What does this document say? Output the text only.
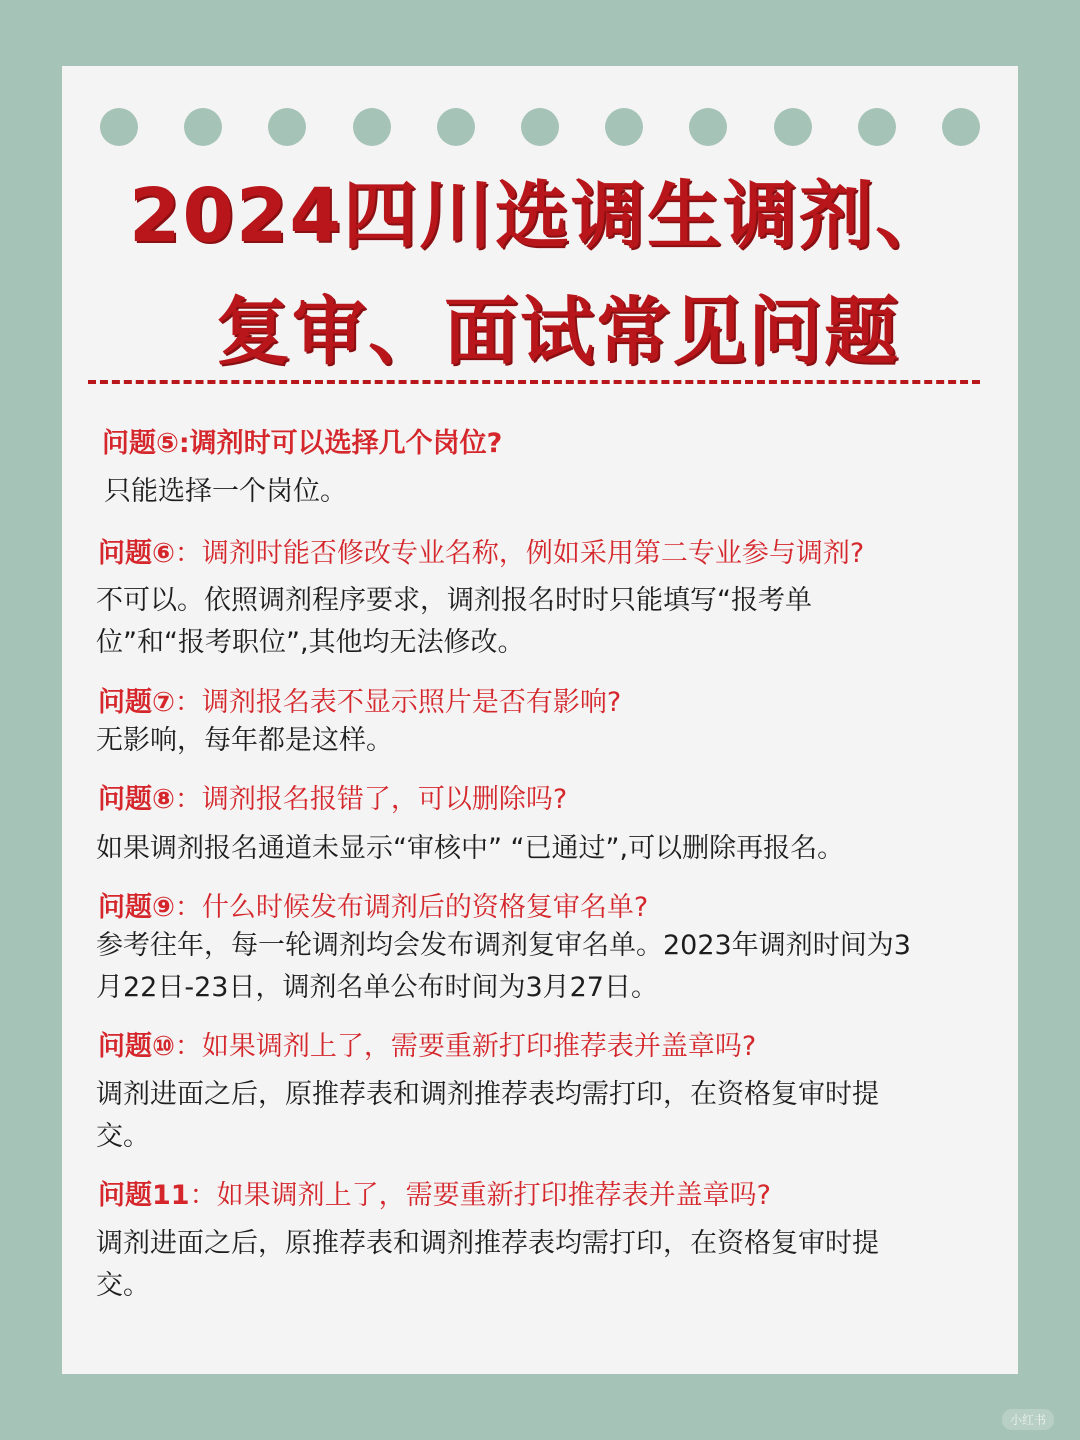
2024四川选调生调剂、
复审、面试常见问题
问题⑤:调剂时可以选择几个岗位?
只能选择一个岗位。
问题⑥：调剂时能否修改专业名称，例如采用第二专业参与调剂?
不可以。依照调剂程序要求，调剂报名时时只能填写“报考单
位”和“报考职位”,其他均无法修改。
问题⑦：调剂报名表不显示照片是否有影响?
无影响，每年都是这样。
问题⑧：调剂报名报错了，可以删除吗?
如果调剂报名通道未显示“审核中” “已通过”,可以删除再报名。
问题⑨：什么时候发布调剂后的资格复审名单?
参考往年，每一轮调剂均会发布调剂复审名单。2023年调剂时间为3
月22日-23日，调剂名单公布时间为3月27日。
问题⑩：如果调剂上了，需要重新打印推荐表并盖章吗?
调剂进面之后，原推荐表和调剂推荐表均需打印，在资格复审时提
交。
问题11：如果调剂上了，需要重新打印推荐表并盖章吗?
调剂进面之后，原推荐表和调剂推荐表均需打印，在资格复审时提
交。
小红书
